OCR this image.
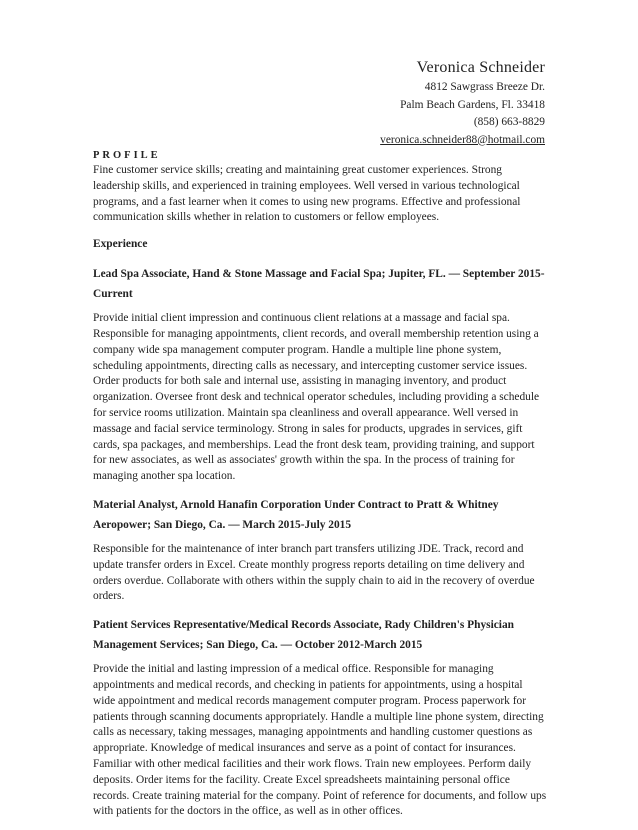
Veronica Schneider
4812 Sawgrass Breeze Dr.
Palm Beach Gardens, Fl. 33418
(858) 663-8829
veronica.schneider88@hotmail.com
PROFILE

Fine customer service skills; creating and maintaining great customer experiences. Strong leadership skills, and experienced in training employees. Well versed in various technological programs, and a fast learner when it comes to using new programs. Effective and professional communication skills whether in relation to customers or fellow employees.

Experience
Lead Spa Associate, Hand & Stone Massage and Facial Spa; Jupiter, FL. — September 2015-Current

Provide initial client impression and continuous client relations at a massage and facial spa. Responsible for managing appointments, client records, and overall membership retention using a company wide spa management computer program. Handle a multiple line phone system, scheduling appointments, directing calls as necessary, and intercepting customer service issues. Order products for both sale and internal use, assisting in managing inventory, and product organization. Oversee front desk and technical operator schedules, including providing a schedule for service rooms utilization. Maintain spa cleanliness and overall appearance. Well versed in massage and facial service terminology. Strong in sales for products, upgrades in services, gift cards, spa packages, and memberships. Lead the front desk team, providing training, and support for new associates, as well as associates' growth within the spa. In the process of training for managing another spa location.

Material Analyst, Arnold Hanafin Corporation Under Contract to Pratt & Whitney Aeropower; San Diego, Ca. — March 2015-July 2015

Responsible for the maintenance of inter branch part transfers utilizing JDE. Track, record and update transfer orders in Excel. Create monthly progress reports detailing on time delivery and orders overdue. Collaborate with others within the supply chain to aid in the recovery of overdue orders.

Patient Services Representative/Medical Records Associate, Rady Children's Physician Management Services; San Diego, Ca. — October 2012-March 2015

Provide the initial and lasting impression of a medical office. Responsible for managing appointments and medical records, and checking in patients for appointments, using a hospital wide appointment and medical records management computer program. Process paperwork for patients through scanning documents appropriately. Handle a multiple line phone system, directing calls as necessary, taking messages, managing appointments and handling customer questions as appropriate. Knowledge of medical insurances and serve as a point of contact for insurances. Familiar with other medical facilities and their work flows. Train new employees. Perform daily deposits. Order items for the facility. Create Excel spreadsheets maintaining personal office records. Create training material for the company. Point of reference for documents, and follow ups with patients for the doctors in the office, as well as in other offices.
